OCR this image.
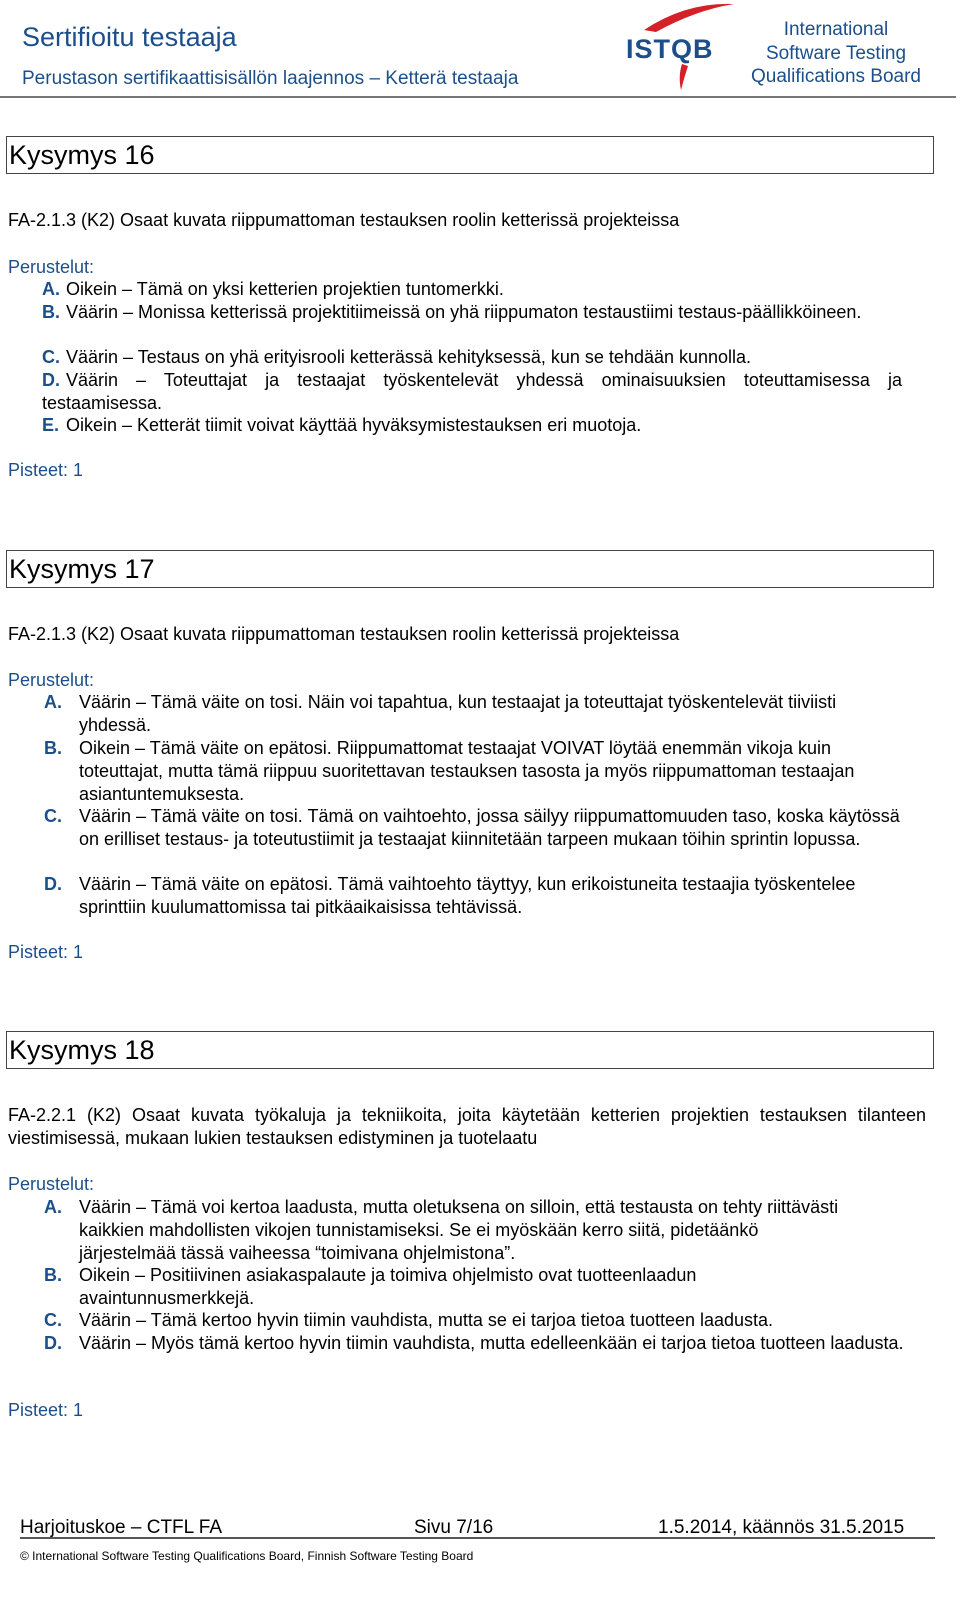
Sertifioitu testaaja
Perustason sertifikaattisisällön laajennos – Ketterä testaaja
ISTQB
International
Software Testing
Qualifications Board
Kysymys 16
FA-2.1.3 (K2) Osaat kuvata riippumattoman testauksen roolin ketterissä projekteissa
Perustelut:
A. Oikein – Tämä on yksi ketterien projektien tuntomerkki.
B. Väärin – Monissa ketterissä projektitiimeissä on yhä riippumaton testaustiimi testaus-päällikköineen.
C. Väärin – Testaus on yhä erityisrooli ketterässä kehityksessä, kun se tehdään kunnolla.
D. Väärin – Toteuttajat ja testaajat työskentelevät yhdessä ominaisuuksien toteuttamisessa ja testaamisessa.
E. Oikein – Ketterät tiimit voivat käyttää hyväksymistestauksen eri muotoja.
Pisteet: 1
Kysymys 17
FA-2.1.3 (K2) Osaat kuvata riippumattoman testauksen roolin ketterissä projekteissa
Perustelut:
A. Väärin – Tämä väite on tosi. Näin voi tapahtua, kun testaajat ja toteuttajat työskentelevät tiiviisti yhdessä.
B. Oikein – Tämä väite on epätosi. Riippumattomat testaajat VOIVAT löytää enemmän vikoja kuin toteuttajat, mutta tämä riippuu suoritettavan testauksen tasosta ja myös riippumattoman testaajan asiantuntemuksesta.
C. Väärin – Tämä väite on tosi. Tämä on vaihtoehto, jossa säilyy riippumattomuuden taso, koska käytössä on erilliset testaus- ja toteutustiimit ja testaajat kiinnitetään tarpeen mukaan töihin sprintin lopussa.
D. Väärin – Tämä väite on epätosi. Tämä vaihtoehto täyttyy, kun erikoistuneita testaajia työskentelee sprinttiin kuulumattomissa tai pitkäaikaisissa tehtävissä.
Pisteet: 1
Kysymys 18
FA-2.2.1 (K2) Osaat kuvata työkaluja ja tekniikoita, joita käytetään ketterien projektien testauksen tilanteen viestimisessä, mukaan lukien testauksen edistyminen ja tuotelaatu
Perustelut:
A. Väärin – Tämä voi kertoa laadusta, mutta oletuksena on silloin, että testausta on tehty riittävästi kaikkien mahdollisten vikojen tunnistamiseksi. Se ei myöskään kerro siitä, pidetäänkö järjestelmää tässä vaiheessa “toimivana ohjelmistona”.
B. Oikein – Positiivinen asiakaspalaute ja toimiva ohjelmisto ovat tuotteenlaadun avaintunnusmerkkejä.
C. Väärin – Tämä kertoo hyvin tiimin vauhdista, mutta se ei tarjoa tietoa tuotteen laadusta.
D. Väärin – Myös tämä kertoo hyvin tiimin vauhdista, mutta edelleenkään ei tarjoa tietoa tuotteen laadusta.
Pisteet: 1
Harjoituskoe – CTFL FA	Sivu 7/16	1.5.2014, käännös 31.5.2015
© International Software Testing Qualifications Board, Finnish Software Testing Board
